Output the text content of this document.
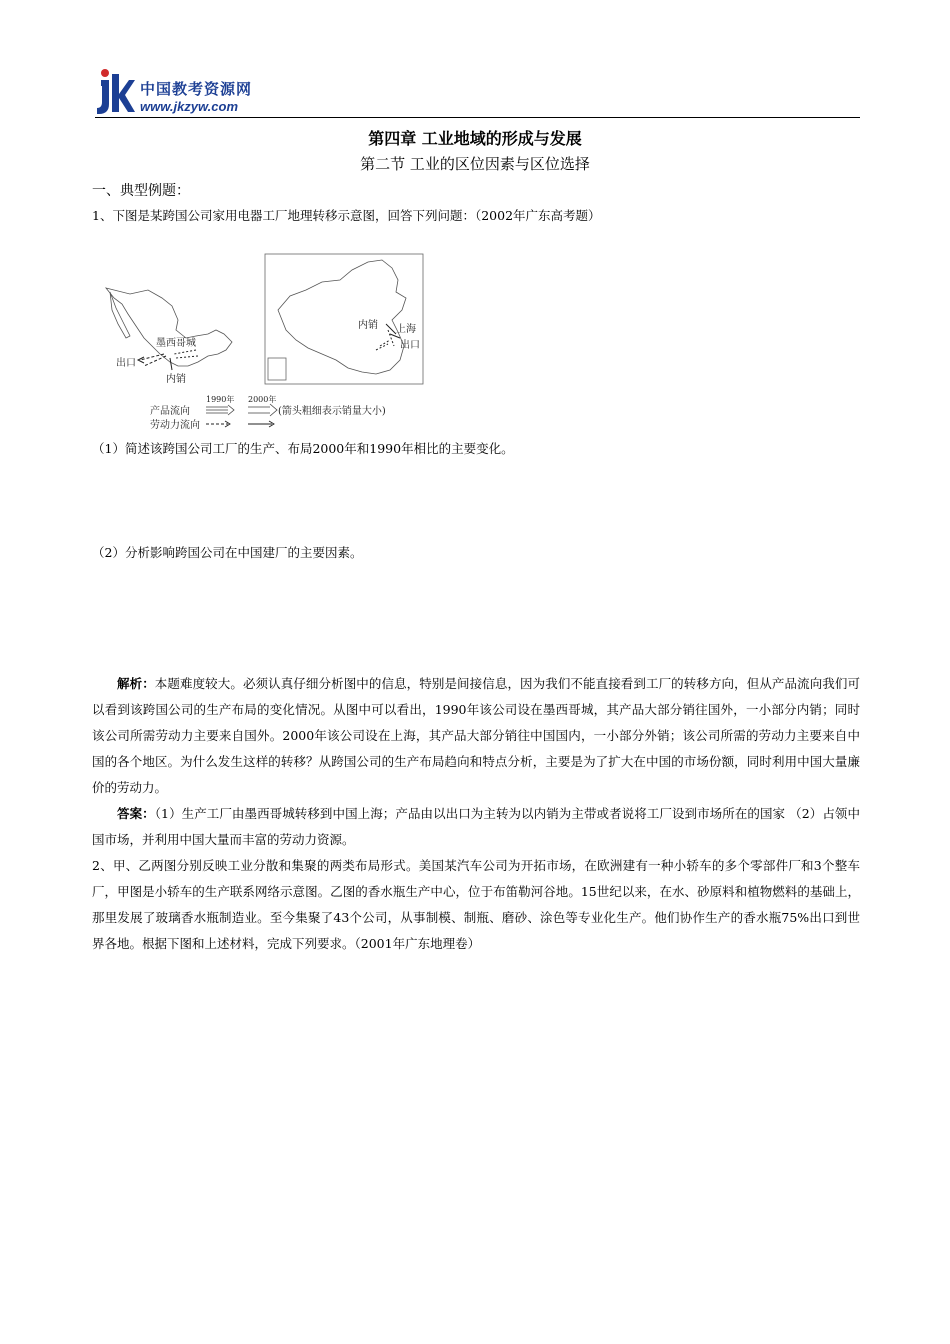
中国教考资源网
www.jkzyw.com
第四章 工业地域的形成与发展
第二节 工业的区位因素与区位选择
一、典型例题：
1、下图是某跨国公司家用电器工厂地理转移示意图，回答下列问题：（2002年广东高考题）
墨西哥城
出口
内销
内销 上海
出口
1990年 2000年
产品流向	(箭头粗细表示销量大小)
劳动力流向
（1）简述该跨国公司工厂的生产、布局2000年和1990年相比的主要变化。
（2）分析影响跨国公司在中国建厂的主要因素。
解析：本题难度较大。必须认真仔细分析图中的信息，特别是间接信息，因为我们不能直接看到工厂的转移方向，但从产品流向我们可以看到该跨国公司的生产布局的变化情况。从图中可以看出，1990年该公司设在墨西哥城，其产品大部分销往国外，一小部分内销；同时该公司所需劳动力主要来自国外。2000年该公司设在上海，其产品大部分销往中国国内，一小部分外销；该公司所需的劳动力主要来自中国的各个地区。为什么发生这样的转移？从跨国公司的生产布局趋向和特点分析，主要是为了扩大在中国的市场份额，同时利用中国大量廉价的劳动力。
答案：（1）生产工厂由墨西哥城转移到中国上海；产品由以出口为主转为以内销为主带或者说将工厂设到市场所在的国家 （2）占领中国市场，并利用中国大量而丰富的劳动力资源。
2、甲、乙两图分别反映工业分散和集聚的两类布局形式。美国某汽车公司为开拓市场，在欧洲建有一种小轿车的多个零部件厂和3个整车厂，甲图是小轿车的生产联系网络示意图。乙图的香水瓶生产中心，位于布笛勒河谷地。15世纪以来，在水、砂原料和植物燃料的基础上，那里发展了玻璃香水瓶制造业。至今集聚了43个公司，从事制模、制瓶、磨砂、涂色等专业化生产。他们协作生产的香水瓶75%出口到世界各地。根据下图和上述材料，完成下列要求。（2001年广东地理卷）
